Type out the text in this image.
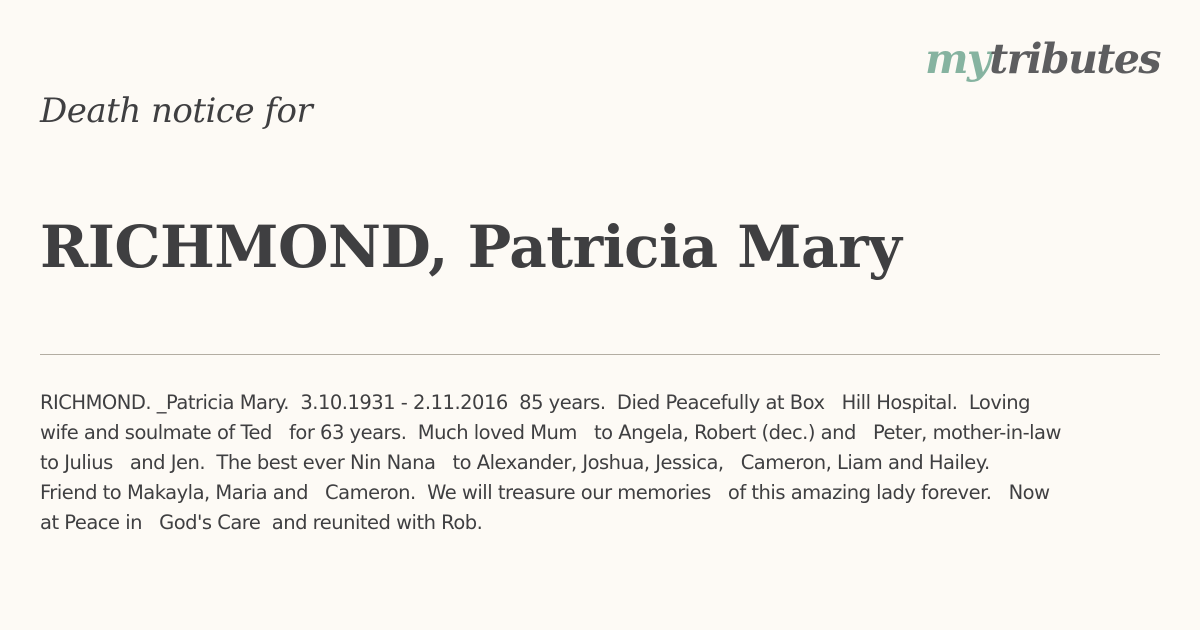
mytributes
Death notice for
RICHMOND, Patricia Mary
RICHMOND. _Patricia Mary.  3.10.1931 - 2.11.2016  85 years.  Died Peacefully at Box   Hill Hospital.  Loving
wife and soulmate of Ted   for 63 years.  Much loved Mum   to Angela, Robert (dec.) and   Peter, mother-in-law
to Julius   and Jen.  The best ever Nin Nana   to Alexander, Joshua, Jessica,   Cameron, Liam and Hailey.
Friend to Makayla, Maria and   Cameron.  We will treasure our memories   of this amazing lady forever.   Now
at Peace in   God's Care  and reunited with Rob.
